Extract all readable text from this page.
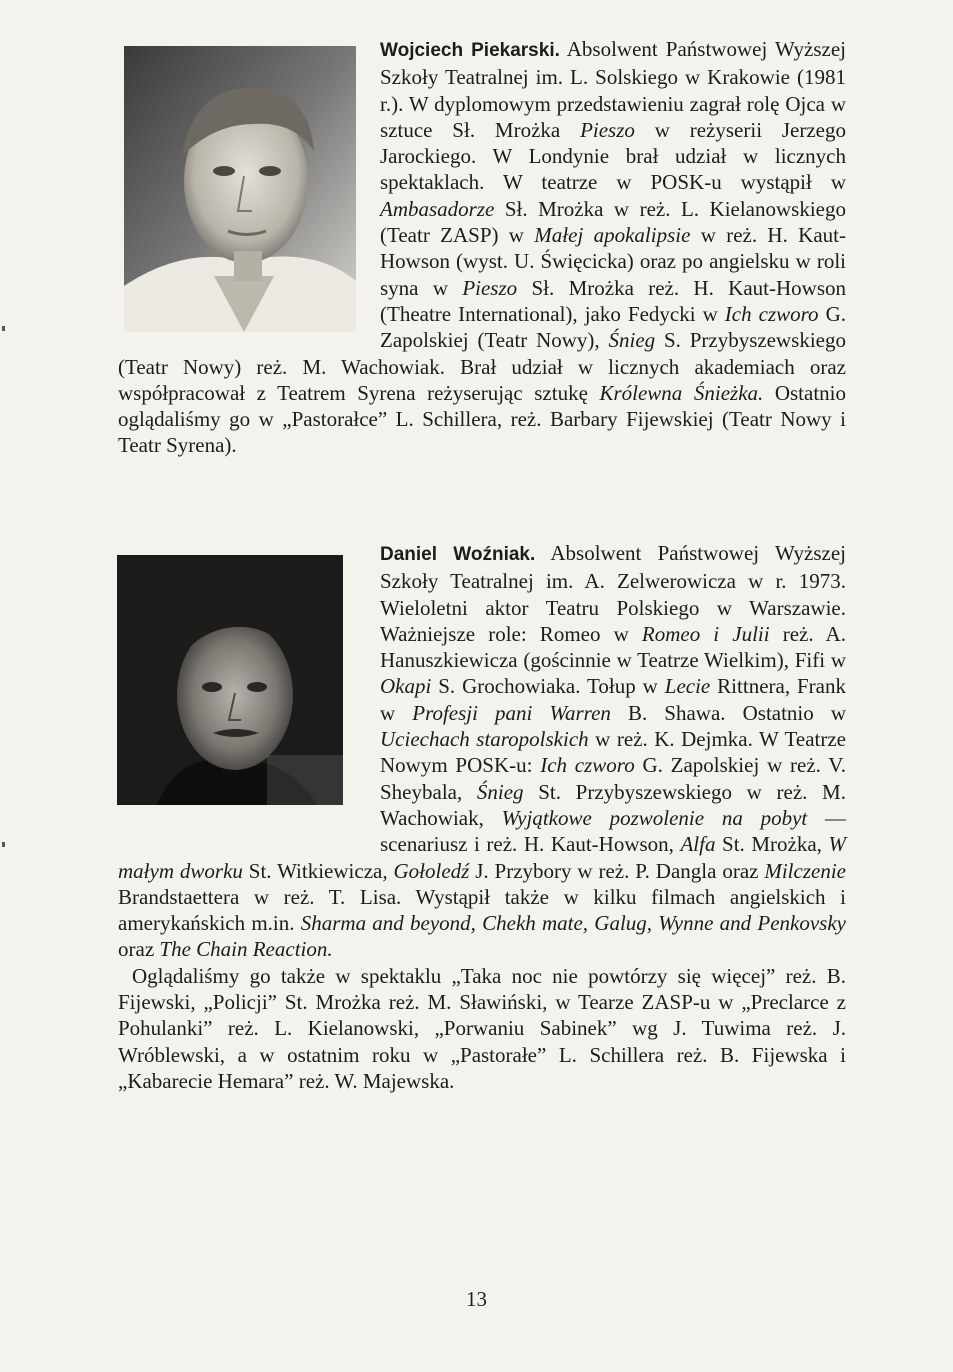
Wojciech Piekarski. Absolwent Państwowej Wyższej Szkoły Teatralnej im. L. Solskiego w Krakowie (1981 r.). W dyplomowym przedstawieniu zagrał rolę Ojca w sztuce Sł. Mrożka Pieszo w reżyserii Jerzego Jarockiego. W Londynie brał udział w licznych spektaklach. W teatrze w POSK-u wystąpił w Ambasadorze Sł. Mrożka w reż. L. Kielanowskiego (Teatr ZASP) w Małej apokalipsie w reż. H. Kaut-Howson (wyst. U. Święcicka) oraz po angielsku w roli syna w Pieszo Sł. Mrożka reż. H. Kaut-Howson (Theatre International), jako Fedycki w Ich czworo G. Zapolskiej (Teatr Nowy), Śnieg S. Przybyszewskiego (Teatr Nowy) reż. M. Wachowiak. Brał udział w licznych akademiach oraz współpracował z Teatrem Syrena reżyserując sztukę Królewna Śnieżka. Ostatnio oglądaliśmy go w „Pastorałce” L. Schillera, reż. Barbary Fijewskiej (Teatr Nowy i Teatr Syrena).

Daniel Woźniak. Absolwent Państwowej Wyższej Szkoły Teatralnej im. A. Zelwerowicza w r. 1973. Wieloletni aktor Teatru Polskiego w Warszawie. Ważniejsze role: Romeo w Romeo i Julii reż. A. Hanuszkiewicza (gościnnie w Teatrze Wielkim), Fifi w Okapi S. Grochowiaka. Tołup w Lecie Rittnera, Frank w Profesji pani Warren B. Shawa. Ostatnio w Uciechach staropolskich w reż. K. Dejmka. W Teatrze Nowym POSK-u: Ich czworo G. Zapolskiej w reż. V. Sheybala, Śnieg St. Przybyszewskiego w reż. M. Wachowiak, Wyjątkowe pozwolenie na pobyt — scenariusz i reż. H. Kaut-Howson, Alfa St. Mrożka, W małym dworku St. Witkiewicza, Gołoledź J. Przybory w reż. P. Dangla oraz Milczenie Brandstaettera w reż. T. Lisa. Wystąpił także w kilku filmach angielskich i amerykańskich m.in. Sharma and beyond, Chekh mate, Galug, Wynne and Penkovsky oraz The Chain Reaction.

Oglądaliśmy go także w spektaklu „Taka noc nie powtórzy się więcej” reż. B. Fijewski, „Policji” St. Mrożka reż. M. Sławiński, w Tearze ZASP-u w „Preclarce z Pohulanki” reż. L. Kielanowski, „Porwaniu Sabinek” wg J. Tuwima reż. J. Wróblewski, a w ostatnim roku w „Pastorałe” L. Schillera reż. B. Fijewska i „Kabarecie Hemara” reż. W. Majewska.

13
